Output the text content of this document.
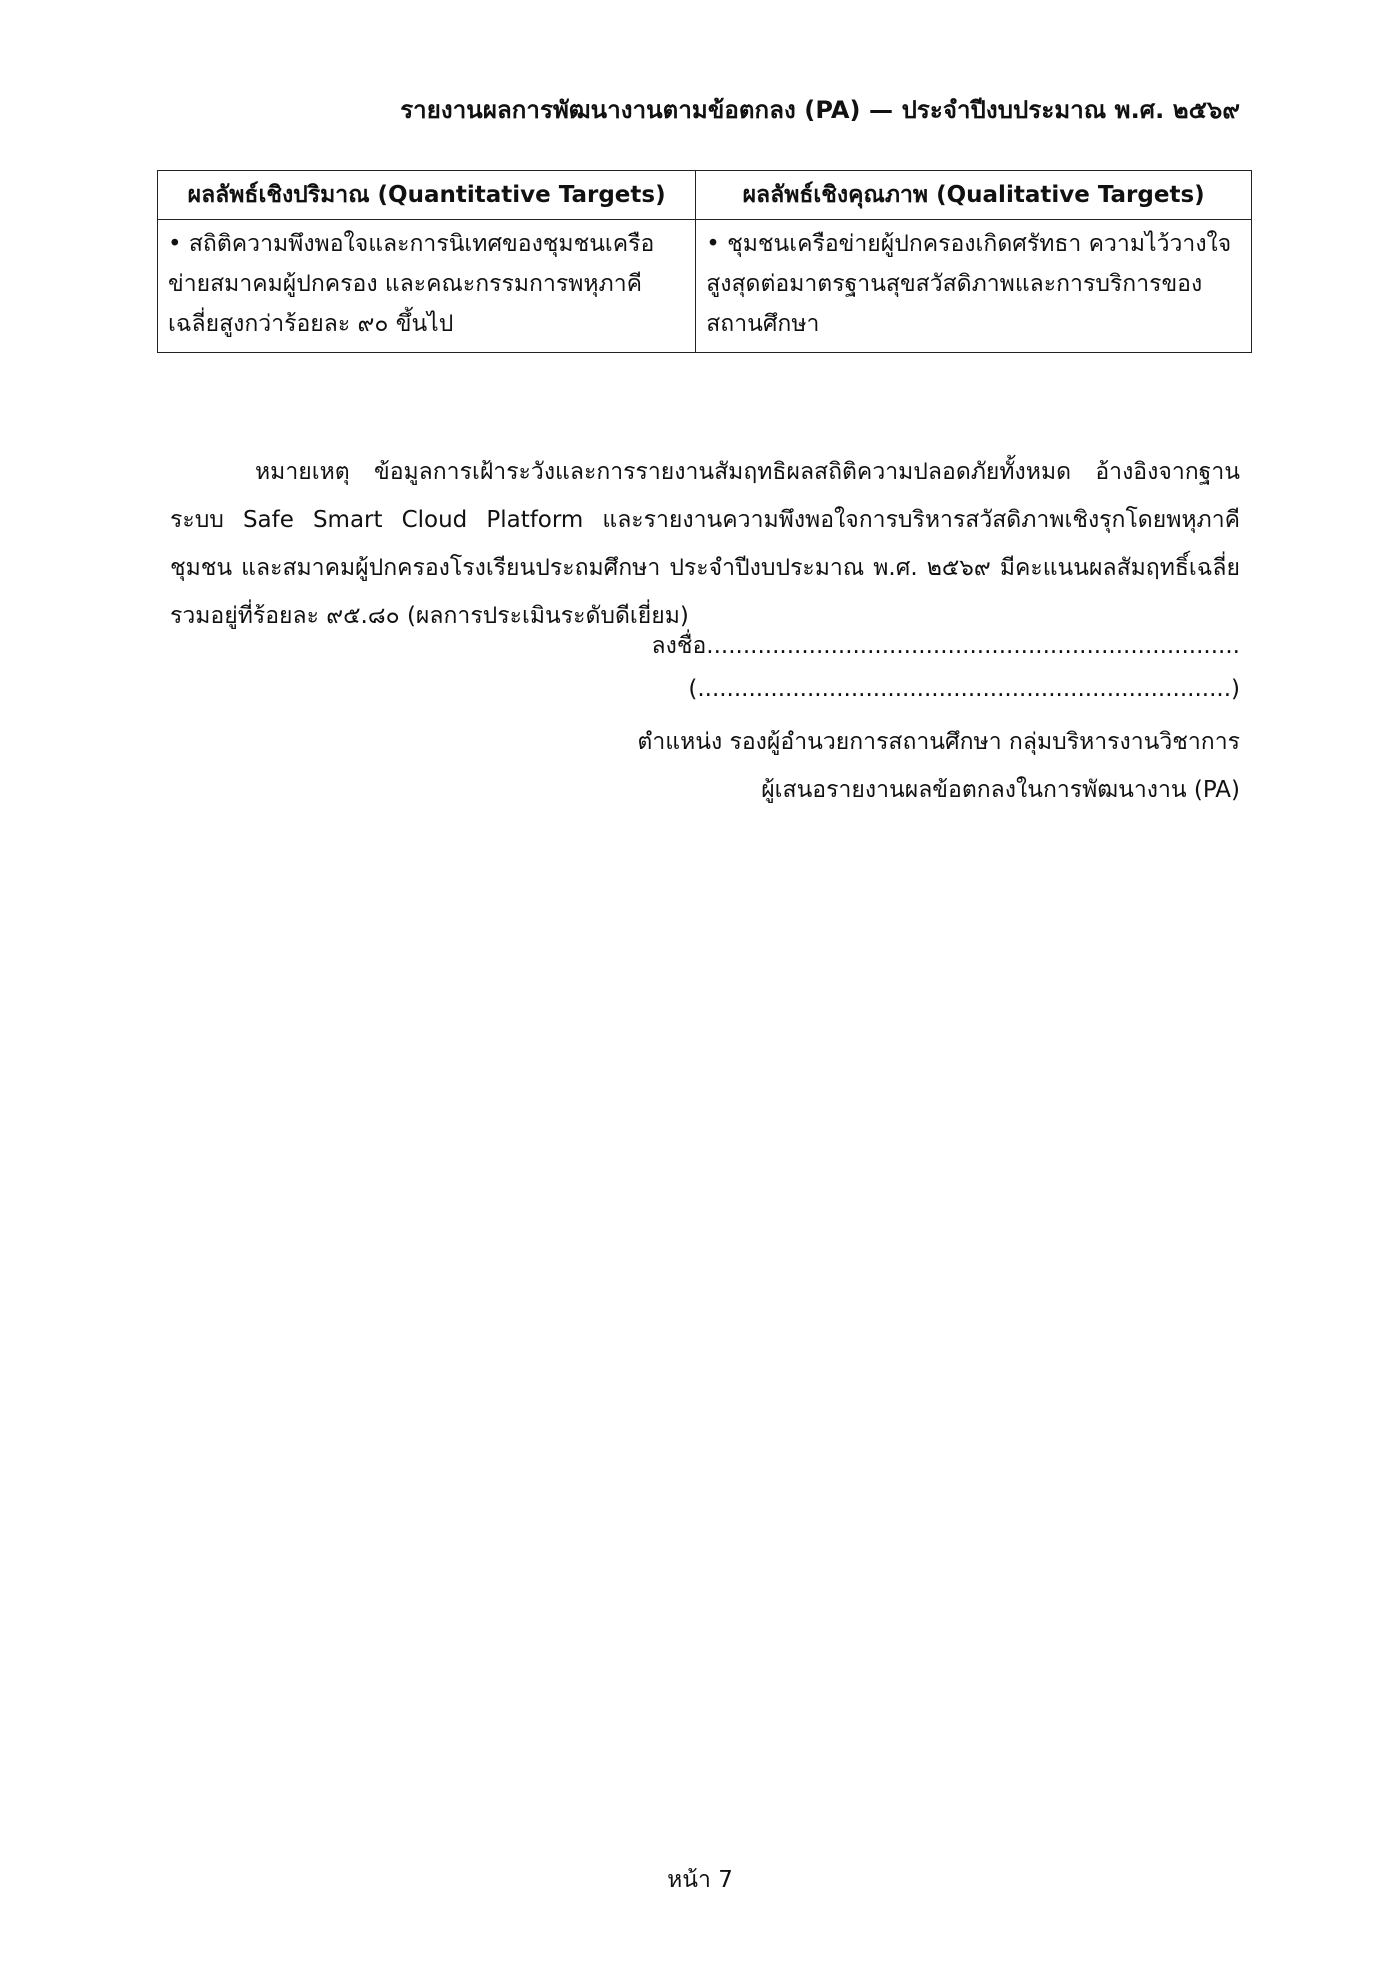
รายงานผลการพัฒนางานตามข้อตกลง (PA) — ประจำปีงบประมาณ พ.ศ. ๒๕๖๙
ผลลัพธ์เชิงปริมาณ (Quantitative Targets)	ผลลัพธ์เชิงคุณภาพ (Qualitative Targets)
• สถิติความพึงพอใจและการนิเทศของชุมชนเครือข่ายสมาคมผู้ปกครอง และคณะกรรมการพหุภาคีเฉลี่ยสูงกว่าร้อยละ ๙๐ ขึ้นไป	• ชุมชนเครือข่ายผู้ปกครองเกิดศรัทธา ความไว้วางใจสูงสุดต่อมาตรฐานสุขสวัสดิภาพและการบริการของสถานศึกษา

หมายเหตุ ข้อมูลการเฝ้าระวังและการรายงานสัมฤทธิผลสถิติความปลอดภัยทั้งหมด อ้างอิงจากฐานระบบ Safe Smart Cloud Platform และรายงานความพึงพอใจการบริหารสวัสดิภาพเชิงรุกโดยพหุภาคีชุมชน และสมาคมผู้ปกครองโรงเรียนประถมศึกษา ประจำปีงบประมาณ พ.ศ. ๒๕๖๙ มีคะแนนผลสัมฤทธิ์เฉลี่ยรวมอยู่ที่ร้อยละ ๙๕.๘๐ (ผลการประเมินระดับดีเยี่ยม)

ลงชื่อ.........................................................................
(.........................................................................)
ตำแหน่ง รองผู้อำนวยการสถานศึกษา กลุ่มบริหารงานวิชาการ
ผู้เสนอรายงานผลข้อตกลงในการพัฒนางาน (PA)
หน้า 7
